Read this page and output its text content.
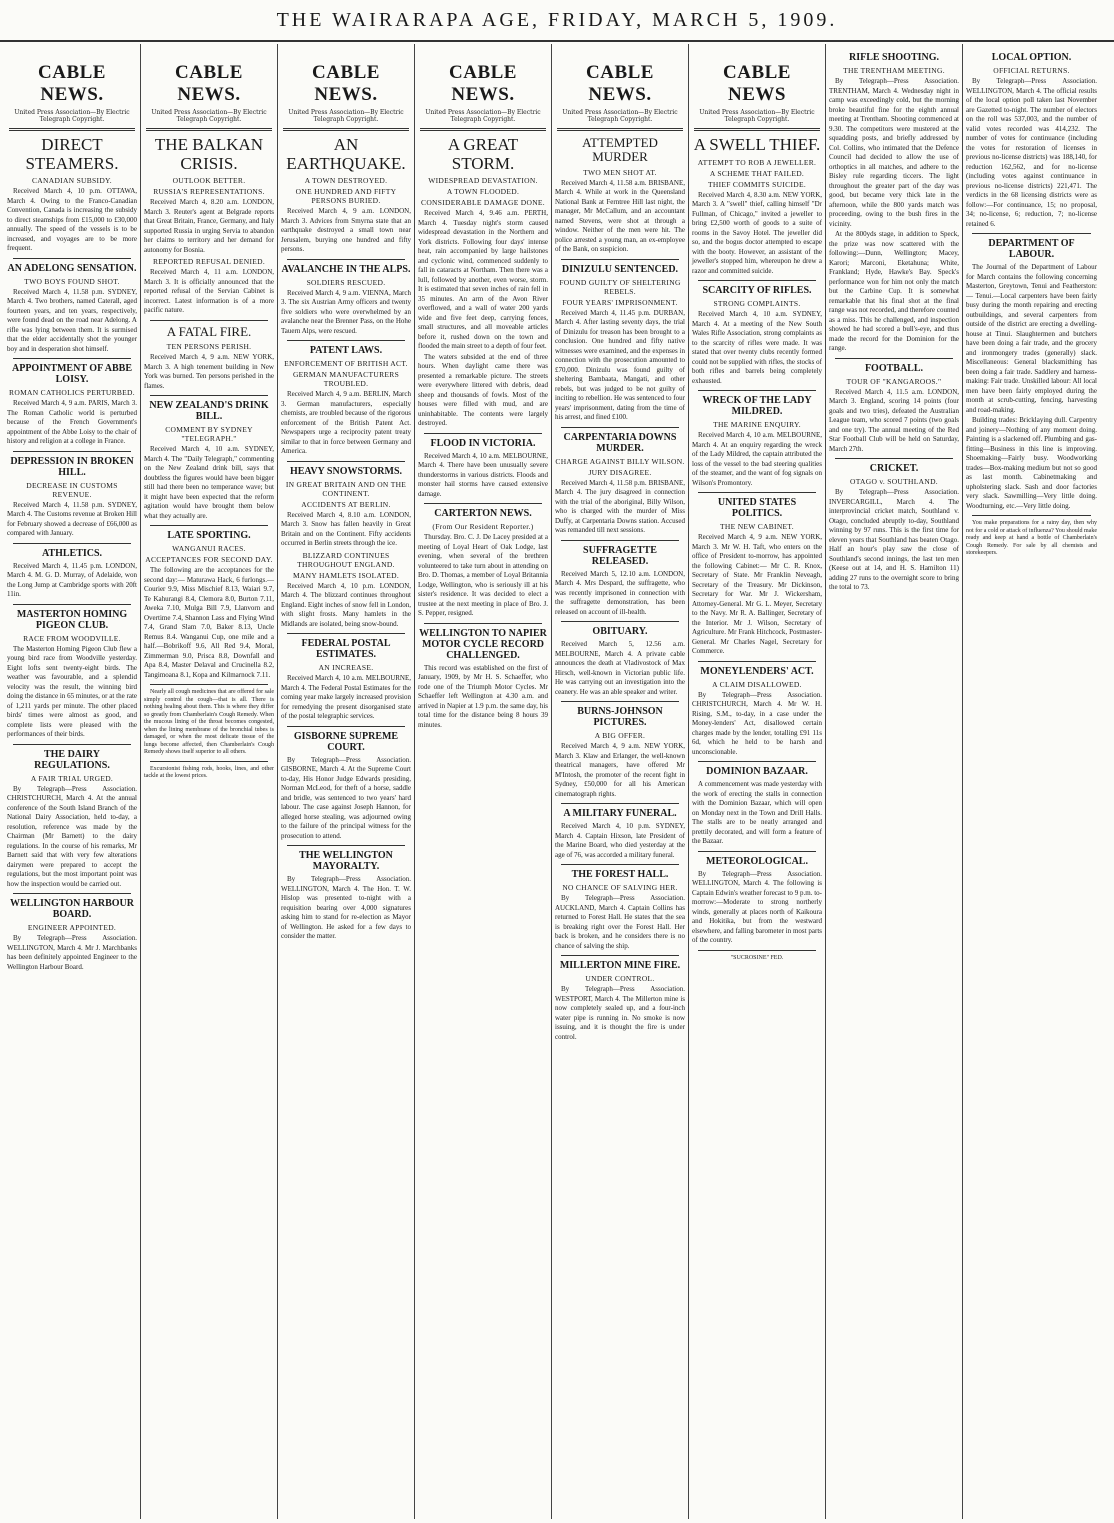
THE WAIRARAPA AGE, FRIDAY, MARCH 5, 1909.
CABLE NEWS.
United Press Association—By Electric Telegraph Copyright.
DIRECT STEAMERS.
CANADIAN SUBSIDY.

Received March 4, 10 p.m. OTTAWA, March 4. Owing to the Franco-Canadian Convention, Canada is increasing the subsidy to direct steamships from £15,000 to £30,000 annually. The speed of the vessels is to be increased, and voyages are to be more frequent.

AN ADELONG SENSATION.
TWO BOYS FOUND SHOT.

Received March 4, 11.58 p.m. SYDNEY, March 4. Two brothers, named Caterall, aged fourteen years, and ten years, respectively, were found dead on the road near Adelong. A rifle was lying between them. It is surmised that the elder accidentally shot the younger boy and in desperation shot himself.

APPOINTMENT OF ABBE LOISY.
ROMAN CATHOLICS PERTURBED.

Received March 4, 9 a.m. PARIS, March 3. The Roman Catholic world is perturbed because of the French Government's appointment of the Abbe Loisy to the chair of history and religion at a college in France.

DEPRESSION IN BROKEN HILL.
DECREASE IN CUSTOMS REVENUE.

Received March 4, 11.58 p.m. SYDNEY, March 4. The Customs revenue at Broken Hill for February showed a decrease of £66,000 as compared with January.

ATHLETICS.

Received March 4, 11.45 p.m. LONDON, March 4. M. G. D. Murray, of Adelaide, won the Long Jump at Cambridge sports with 20ft 11in.

MASTERTON HOMING PIGEON CLUB.
RACE FROM WOODVILLE.

The Masterton Homing Pigeon Club flew a young bird race from Woodville yesterday. Eight lofts sent twenty-eight birds. The weather was favourable, and a splendid velocity was the result, the winning bird doing the distance in 65 minutes, or at the rate of 1,211 yards per minute. The other placed birds' times were almost as good, and complete lists were pleased with the performances of their birds.

THE DAIRY REGULATIONS.
A FAIR TRIAL URGED.

By Telegraph—Press Association. CHRISTCHURCH, March 4. At the annual conference of the South Island Branch of the National Dairy Association, held to-day, a resolution, reference was made by the Chairman (Mr Barnett) to the dairy regulations. In the course of his remarks, Mr Barnett said that with very few alterations dairymen were prepared to accept the regulations, but the most important point was how the inspection would be carried out.

WELLINGTON HARBOUR BOARD.
ENGINEER APPOINTED.

By Telegraph—Press Association. WELLINGTON, March 4. Mr J. Marchbanks has been definitely appointed Engineer to the Wellington Harbour Board.

CABLE NEWS.
United Press Association—By Electric Telegraph Copyright.
THE BALKAN CRISIS.
OUTLOOK BETTER.
RUSSIA'S REPRESENTATIONS.

Received March 4, 8.20 a.m. LONDON, March 3. Reuter's agent at Belgrade reports that Great Britain, France, Germany, and Italy supported Russia in urging Servia to abandon her claims to territory and her demand for autonomy for Bosnia.

REPORTED REFUSAL DENIED.

Received March 4, 11 a.m. LONDON, March 3. It is officially announced that the reported refusal of the Servian Cabinet is incorrect. Latest information is of a more pacific nature.

A FATAL FIRE.
TEN PERSONS PERISH.

Received March 4, 9 a.m. NEW YORK, March 3. A high tenement building in New York was burned. Ten persons perished in the flames.

NEW ZEALAND'S DRINK BILL.
COMMENT BY SYDNEY "TELEGRAPH."

Received March 4, 10 a.m. SYDNEY, March 4. The "Daily Telegraph," commenting on the New Zealand drink bill, says that doubtless the figures would have been bigger still had there been no temperance wave; but it might have been expected that the reform agitation would have brought them below what they actually are.

LATE SPORTING.
WANGANUI RACES.
ACCEPTANCES FOR SECOND DAY.

The following are the acceptances for the second day:— Maturawa Hack, 6 furlongs.—Courier 9.9, Miss Mischief 8.13, Waiari 9.7, Te Kahurangi 8.4, Clemora 8.0, Burton 7.11, Aweka 7.10, Mulga Bill 7.9, Llanvorn and Overtime 7.4, Shannon Lass and Flying Wind 7.4, Grand Slam 7.0, Baker 8.13, Uncle Remus 8.4. Wanganui Cup, one mile and a half.—Bobrikoff 9.6, All Red 9.4, Moral, Zimmerman 9.0, Prisca 8.8, Downfall and Apa 8.4, Master Delaval and Crucinella 8.2, Tangimoana 8.1, Kopa and Kilmarnock 7.11.

Nearly all cough medicines that are offered for sale simply control the cough—that is all. There is nothing healing about them. This is where they differ so greatly from Chamberlain's Cough Remedy. When the mucous lining of the throat becomes congested, when the lining membrane of the bronchial tubes is damaged, or when the most delicate tissue of the lungs become affected, then Chamberlain's Cough Remedy shows itself superior to all others.

Excursionist fishing rods, hooks, lines, and other tackle at the lowest prices.

CABLE NEWS.
United Press Association—By Electric Telegraph Copyright.
AN EARTHQUAKE.
A TOWN DESTROYED.
ONE HUNDRED AND FIFTY PERSONS BURIED.

Received March 4, 9 a.m. LONDON, March 3. Advices from Smyrna state that an earthquake destroyed a small town near Jerusalem, burying one hundred and fifty persons.

AVALANCHE IN THE ALPS.
SOLDIERS RESCUED.

Received March 4, 9 a.m. VIENNA, March 3. The six Austrian Army officers and twenty five soldiers who were overwhelmed by an avalanche near the Brenner Pass, on the Hohe Tauern Alps, were rescued.

PATENT LAWS.
ENFORCEMENT OF BRITISH ACT.
GERMAN MANUFACTURERS TROUBLED.

Received March 4, 9 a.m. BERLIN, March 3. German manufacturers, especially chemists, are troubled because of the rigorous enforcement of the British Patent Act. Newspapers urge a reciprocity patent treaty similar to that in force between Germany and America.

HEAVY SNOWSTORMS.
IN GREAT BRITAIN AND ON THE CONTINENT.
ACCIDENTS AT BERLIN.

Received March 4, 8.10 a.m. LONDON, March 3. Snow has fallen heavily in Great Britain and on the Continent. Fifty accidents occurred in Berlin streets through the ice.

BLIZZARD CONTINUES THROUGHOUT ENGLAND.
MANY HAMLETS ISOLATED.

Received March 4, 10 p.m. LONDON, March 4. The blizzard continues throughout England. Eight inches of snow fell in London, with slight frosts. Many hamlets in the Midlands are isolated, being snow-bound.

FEDERAL POSTAL ESTIMATES.
AN INCREASE.

Received March 4, 10 a.m. MELBOURNE, March 4. The Federal Postal Estimates for the coming year make largely increased provision for remedying the present disorganised state of the postal telegraphic services.

GISBORNE SUPREME COURT.

By Telegraph—Press Association. GISBORNE, March 4. At the Supreme Court to-day, His Honor Judge Edwards presiding, Norman McLeod, for theft of a horse, saddle and bridle, was sentenced to two years' hard labour. The case against Joseph Hannon, for alleged horse stealing, was adjourned owing to the failure of the principal witness for the prosecution to attend.

THE WELLINGTON MAYORALTY.

By Telegraph—Press Association. WELLINGTON, March 4. The Hon. T. W. Hislop was presented to-night with a requisition bearing over 4,000 signatures asking him to stand for re-election as Mayor of Wellington. He asked for a few days to consider the matter.

CABLE NEWS.
United Press Association—By Electric Telegraph Copyright.
A GREAT STORM.
WIDESPREAD DEVASTATION.
A TOWN FLOODED.
CONSIDERABLE DAMAGE DONE.

Received March 4, 9.46 a.m. PERTH, March 4. Tuesday night's storm caused widespread devastation in the Northern and York districts. Following four days' intense heat, rain accompanied by large hailstones and cyclonic wind, commenced suddenly to fall in cataracts at Northam. Then there was a lull, followed by another, even worse, storm. It is estimated that seven inches of rain fell in 35 minutes. An arm of the Avon River overflowed, and a wall of water 200 yards wide and five feet deep, carrying fences, small structures, and all moveable articles before it, rushed down on the town and flooded the main street to a depth of four feet.

The waters subsided at the end of three hours. When daylight came there was presented a remarkable picture. The streets were everywhere littered with debris, dead sheep and thousands of fowls. Most of the houses were filled with mud, and are uninhabitable. The contents were largely destroyed.

FLOOD IN VICTORIA.

Received March 4, 10 a.m. MELBOURNE, March 4. There have been unusually severe thunderstorms in various districts. Floods and monster hail storms have caused extensive damage.

CARTERTON NEWS.
(From Our Resident Reporter.)

Thursday. Bro. C. J. De Lacey presided at a meeting of Loyal Heart of Oak Lodge, last evening, when several of the brethren volunteered to take turn about in attending on Bro. D. Thomas, a member of Loyal Britannia Lodge, Wellington, who is seriously ill at his sister's residence. It was decided to elect a trustee at the next meeting in place of Bro. J. S. Pepper, resigned.

WELLINGTON TO NAPIER MOTOR CYCLE RECORD CHALLENGED.

This record was established on the first of January, 1909, by Mr H. S. Schaeffer, who rode one of the Triumph Motor Cycles. Mr Schaeffer left Wellington at 4.30 a.m. and arrived in Napier at 1.9 p.m. the same day, his total time for the distance being 8 hours 39 minutes.

CABLE NEWS.
United Press Association—By Electric Telegraph Copyright.
ATTEMPTED MURDER
TWO MEN SHOT AT.

Received March 4, 11.58 a.m. BRISBANE, March 4. While at work in the Queensland National Bank at Ferntree Hill last night, the manager, Mr McCallum, and an accountant named Stevens, were shot at through a window. Neither of the men were hit. The police arrested a young man, an ex-employee of the Bank, on suspicion.

DINIZULU SENTENCED.
FOUND GUILTY OF SHELTERING REBELS.
FOUR YEARS' IMPRISONMENT.

Received March 4, 11.45 p.m. DURBAN, March 4. After lasting seventy days, the trial of Dinizulu for treason has been brought to a conclusion. One hundred and fifty native witnesses were examined, and the expenses in connection with the prosecution amounted to £70,000. Dinizulu was found guilty of sheltering Bambaata, Mangati, and other rebels, but was judged to be not guilty of inciting to rebellion. He was sentenced to four years' imprisonment, dating from the time of his arrest, and fined £100.

CARPENTARIA DOWNS MURDER.
CHARGE AGAINST BILLY WILSON.
JURY DISAGREE.

Received March 4, 11.58 p.m. BRISBANE, March 4. The jury disagreed in connection with the trial of the aboriginal, Billy Wilson, who is charged with the murder of Miss Duffy, at Carpentaria Downs station. Accused was remanded till next sessions.

SUFFRAGETTE RELEASED.

Received March 5, 12.10 a.m. LONDON, March 4. Mrs Despard, the suffragette, who was recently imprisoned in connection with the suffragette demonstration, has been released on account of ill-health.

OBITUARY.

Received March 5, 12.56 a.m. MELBOURNE, March 4. A private cable announces the death at Vladivostock of Max Hirsch, well-known in Victorian public life. He was carrying out an investigation into the ceanery. He was an able speaker and writer.

BURNS-JOHNSON PICTURES.
A BIG OFFER.

Received March 4, 9 a.m. NEW YORK, March 3. Klaw and Erlanger, the well-known theatrical managers, have offered Mr M'Intosh, the promoter of the recent fight in Sydney, £50,000 for all his American cinematograph rights.

A MILITARY FUNERAL.

Received March 4, 10 p.m. SYDNEY, March 4. Captain Hixson, late President of the Marine Board, who died yesterday at the age of 76, was accorded a military funeral.

THE FOREST HALL.
NO CHANCE OF SALVING HER.

By Telegraph—Press Association. AUCKLAND, March 4. Captain Collins has returned to Forest Hall. He states that the sea is breaking right over the Forest Hall. Her back is broken, and he considers there is no chance of salving the ship.

MILLERTON MINE FIRE.
UNDER CONTROL.

By Telegraph—Press Association. WESTPORT, March 4. The Millerton mine is now completely sealed up, and a four-inch water pipe is running in. No smoke is now issuing, and it is thought the fire is under control.

CABLE NEWS
United Press Association—By Electric Telegraph Copyright.
A SWELL THIEF.
ATTEMPT TO ROB A JEWELLER.
A SCHEME THAT FAILED.
THIEF COMMITS SUICIDE.

Received March 4, 8.30 a.m. NEW YORK, March 3. A "swell" thief, calling himself "Dr Fullman, of Chicago," invited a jeweller to bring £2,500 worth of goods to a suite of rooms in the Savoy Hotel. The jeweller did so, and the bogus doctor attempted to escape with the booty. However, an assistant of the jeweller's stopped him, whereupon he drew a razor and committed suicide.

SCARCITY OF RIFLES.
STRONG COMPLAINTS.

Received March 4, 10 a.m. SYDNEY, March 4. At a meeting of the New South Wales Rifle Association, strong complaints as to the scarcity of rifles were made. It was stated that over twenty clubs recently formed could not be supplied with rifles, the stocks of both rifles and barrels being completely exhausted.

WRECK OF THE LADY MILDRED.
THE MARINE ENQUIRY.

Received March 4, 10 a.m. MELBOURNE, March 4. At an enquiry regarding the wreck of the Lady Mildred, the captain attributed the loss of the vessel to the bad steering qualities of the steamer, and the want of fog signals on Wilson's Promontory.

UNITED STATES POLITICS.
THE NEW CABINET.

Received March 4, 9 a.m. NEW YORK, March 3. Mr W. H. Taft, who enters on the office of President to-morrow, has appointed the following Cabinet:— Mr C. R. Knox, Secretary of State. Mr Franklin Neveagh, Secretary of the Treasury. Mr Dickinson, Secretary for War. Mr J. Wickersham, Attorney-General. Mr G. L. Meyer, Secretary to the Navy. Mr R. A. Ballinger, Secretary of the Interior. Mr J. Wilson, Secretary of Agriculture. Mr Frank Hitchcock, Postmaster-General. Mr Charles Nagel, Secretary for Commerce.

MONEYLENDERS' ACT.
A CLAIM DISALLOWED.

By Telegraph—Press Association. CHRISTCHURCH, March 4. Mr W. H. Rising, S.M., to-day, in a case under the Money-lenders' Act, disallowed certain charges made by the lender, totalling £91 11s 6d, which he held to be harsh and unconscionable.

DOMINION BAZAAR.

A commencement was made yesterday with the work of erecting the stalls in connection with the Dominion Bazaar, which will open on Monday next in the Town and Drill Halls. The stalls are to be neatly arranged and prettily decorated, and will form a feature of the Bazaar.

METEOROLOGICAL.

By Telegraph—Press Association. WELLINGTON, March 4. The following is Captain Edwin's weather forecast to 9 p.m. to-morrow:—Moderate to strong northerly winds, generally at places north of Kaikoura and Hokitika, but from the westward elsewhere, and falling barometer in most parts of the country.

"SUCROSINE" FED.

RIFLE SHOOTING.
THE TRENTHAM MEETING.

By Telegraph—Press Association. TRENTHAM, March 4. Wednesday night in camp was exceedingly cold, but the morning broke beautiful fine for the eighth annual meeting at Trentham. Shooting commenced at 9.30. The competitors were mustered at the squadding posts, and briefly addressed by Col. Collins, who intimated that the Defence Council had decided to allow the use of orthoptics in all matches, and adhere to the Bisley rule regarding ticcers. The light throughout the greater part of the day was good, but became very thick late in the afternoon, while the 800 yards match was proceeding, owing to the bush fires in the vicinity.

At the 800yds stage, in addition to Speck, the prize was now scattered with the following:—Dunn, Wellington; Macey, Karori; Marconi, Eketahuna; White, Frankland; Hyde, Hawke's Bay. Speck's performance won for him not only the match but the Carbine Cup. It is somewhat remarkable that his final shot at the final range was not recorded, and therefore counted as a miss. This he challenged, and inspection showed he had scored a bull's-eye, and thus made the record for the Dominion for the range.

FOOTBALL.
TOUR OF "KANGAROOS."

Received March 4, 11.5 a.m. LONDON, March 3. England, scoring 14 points (four goals and two tries), defeated the Australian League team, who scored 7 points (two goals and one try). The annual meeting of the Red Star Football Club will be held on Saturday, March 27th.

CRICKET.
OTAGO v. SOUTHLAND.

By Telegraph—Press Association. INVERCARGILL, March 4. The interprovincial cricket match, Southland v. Otago, concluded abruptly to-day, Southland winning by 97 runs. This is the first time for eleven years that Southland has beaten Otago. Half an hour's play saw the close of Southland's second innings, the last ten men (Keese out at 14, and H. S. Hamilton 11) adding 27 runs to the overnight score to bring the total to 73.

LOCAL OPTION.
OFFICIAL RETURNS.

By Telegraph—Press Association. WELLINGTON, March 4. The official results of the local option poll taken last November are Gazetted to-night. The number of electors on the roll was 537,003, and the number of valid votes recorded was 414,232. The number of votes for continuance (including the votes for restoration of licenses in previous no-license districts) was 188,140, for reduction 162,562, and for no-license (including votes against continuance in previous no-license districts) 221,471. The verdicts in the 68 licensing districts were as follow:—For continuance, 15; no proposal, 34; no-license, 6; reduction, 7; no-license retained 6.

DEPARTMENT OF LABOUR.

The Journal of the Department of Labour for March contains the following concerning Masterton, Greytown, Tenui and Featherston:— Tenui.—Local carpenters have been fairly busy during the month repairing and erecting outbuildings, and several carpenters from outside of the district are erecting a dwelling-house at Tinui. Slaughtermen and butchers have been doing a fair trade, and the grocery and ironmongery trades (generally) slack. Miscellaneous: General blacksmithing has been doing a fair trade. Saddlery and harness-making: Fair trade. Unskilled labour: All local men have been fairly employed during the month at scrub-cutting, fencing, harvesting and road-making.

Building trades: Bricklaying dull. Carpentry and joinery—Nothing of any moment doing. Painting is a slackened off. Plumbing and gas-fitting—Business in this line is improving. Shoemaking—Fairly busy. Woodworking trades—Box-making medium but not so good as last month. Cabinetmaking and upholstering slack. Sash and door factories very slack. Sawmilling—Very little doing. Woodturning, etc.—Very little doing.

You make preparations for a rainy day, then why not for a cold or attack of influenza? You should make ready and keep at hand a bottle of Chamberlain's Cough Remedy. For sale by all chemists and storekeepers.
